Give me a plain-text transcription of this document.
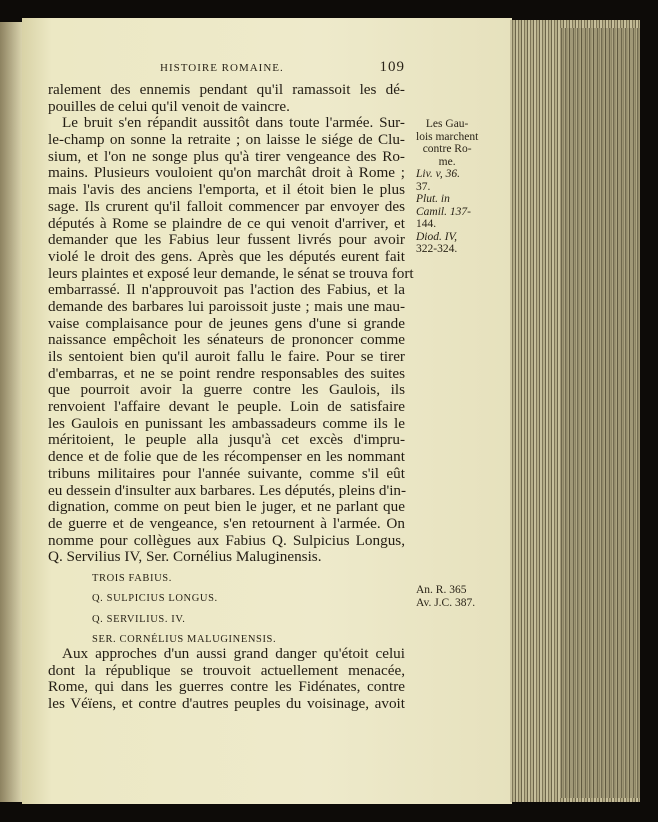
HISTOIRE ROMAINE.	109
ralement des ennemis pendant qu'il ramassoit les dé-
pouilles de celui qu'il venoit de vaincre.
Le bruit s'en répandit aussitôt dans toute l'armée. Sur-
le-champ on sonne la retraite ; on laisse le siége de Clu-
sium, et l'on ne songe plus qu'à tirer vengeance des Ro-
mains. Plusieurs vouloient qu'on marchât droit à Rome ;
mais l'avis des anciens l'emporta, et il étoit bien le plus
sage. Ils crurent qu'il falloit commencer par envoyer des
députés à Rome se plaindre de ce qui venoit d'arriver, et
demander que les Fabius leur fussent livrés pour avoir
violé le droit des gens. Après que les députés eurent fait
leurs plaintes et exposé leur demande, le sénat se trouva fort
embarrassé. Il n'approuvoit pas l'action des Fabius, et la
demande des barbares lui paroissoit juste ; mais une mau-
vaise complaisance pour de jeunes gens d'une si grande
naissance empêchoit les sénateurs de prononcer comme
ils sentoient bien qu'il auroit fallu le faire. Pour se tirer
d'embarras, et ne se point rendre responsables des suites
que pourroit avoir la guerre contre les Gaulois, ils
renvoient l'affaire devant le peuple. Loin de satisfaire
les Gaulois en punissant les ambassadeurs comme ils le
méritoient, le peuple alla jusqu'à cet excès d'impru-
dence et de folie que de les récompenser en les nommant
tribuns militaires pour l'année suivante, comme s'il eût
eu dessein d'insulter aux barbares. Les députés, pleins d'in-
dignation, comme on peut bien le juger, et ne parlant que
de guerre et de vengeance, s'en retournent à l'armée. On
nomme pour collègues aux Fabius Q. Sulpicius Longus,
Q. Servilius IV, Ser. Cornélius Maluginensis.
TROIS FABIUS.
Q. SULPICIUS LONGUS.
Q. SERVILIUS. IV.
SER. CORNÉLIUS MALUGINENSIS.
Aux approches d'un aussi grand danger qu'étoit celui
dont la république se trouvoit actuellement menacée,
Rome, qui dans les guerres contre les Fidénates, contre
les Véïens, et contre d'autres peuples du voisinage, avoit
Les Gau-
lois marchent
contre Ro-
me.
Liv. v, 36.
37.
Plut. in
Camil. 137-
144.
Diod. IV,
322-324.
An. R. 365
Av. J.C. 387.
